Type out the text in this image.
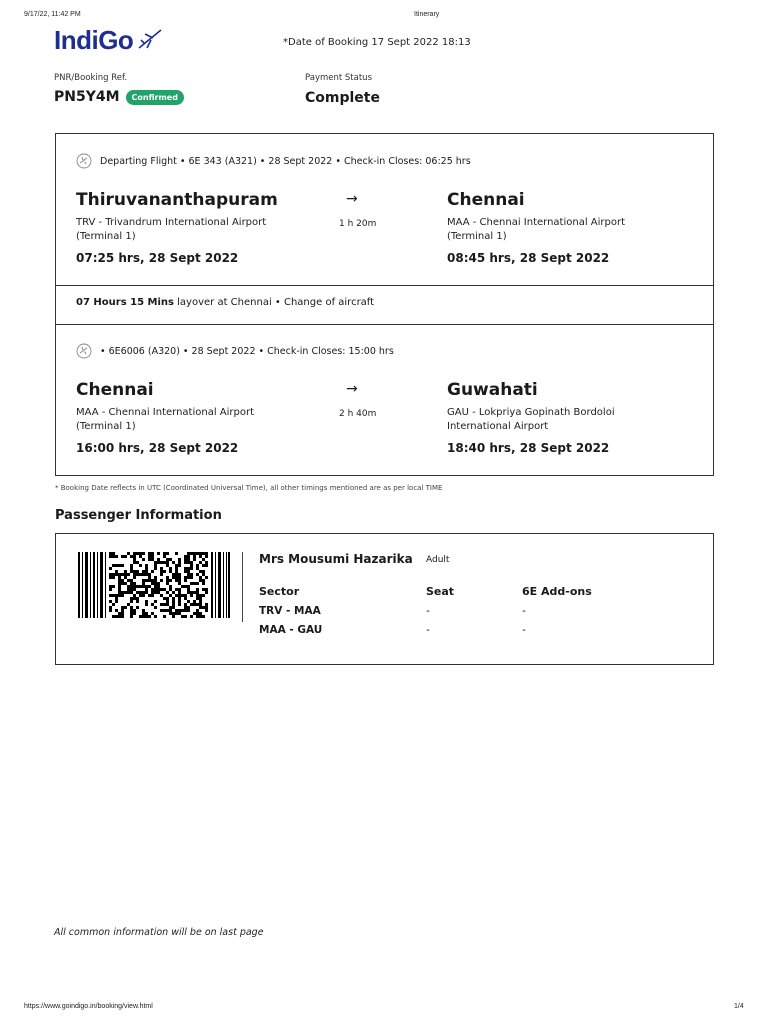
9/17/22, 11:42 PM	Itinerary
IndiGo	*Date of Booking 17 Sept 2022 18:13
PNR/Booking Ref.
PN5Y4M	Confirmed
Payment Status
Complete
Departing Flight • 6E 343 (A321) • 28 Sept 2022 • Check-in Closes: 06:25 hrs
Thiruvananthapuram	→
1 h 20m
Chennai
TRV - Trivandrum International Airport (Terminal 1)
MAA - Chennai International Airport (Terminal 1)
07:25 hrs, 28 Sept 2022	08:45 hrs, 28 Sept 2022
07 Hours 15 Mins layover at Chennai • Change of aircraft
• 6E6006 (A320) • 28 Sept 2022 • Check-in Closes: 15:00 hrs
Chennai	→
2 h 40m
Guwahati
MAA - Chennai International Airport (Terminal 1)
GAU - Lokpriya Gopinath Bordoloi International Airport
16:00 hrs, 28 Sept 2022	18:40 hrs, 28 Sept 2022
* Booking Date reflects in UTC (Coordinated Universal Time), all other timings mentioned are as per local TIME
Passenger Information
Mrs Mousumi Hazarika Adult
Sector	Seat	6E Add-ons
TRV - MAA	-	-
MAA - GAU	-	-
All common information will be on last page
https://www.goindigo.in/booking/view.html	1/4
